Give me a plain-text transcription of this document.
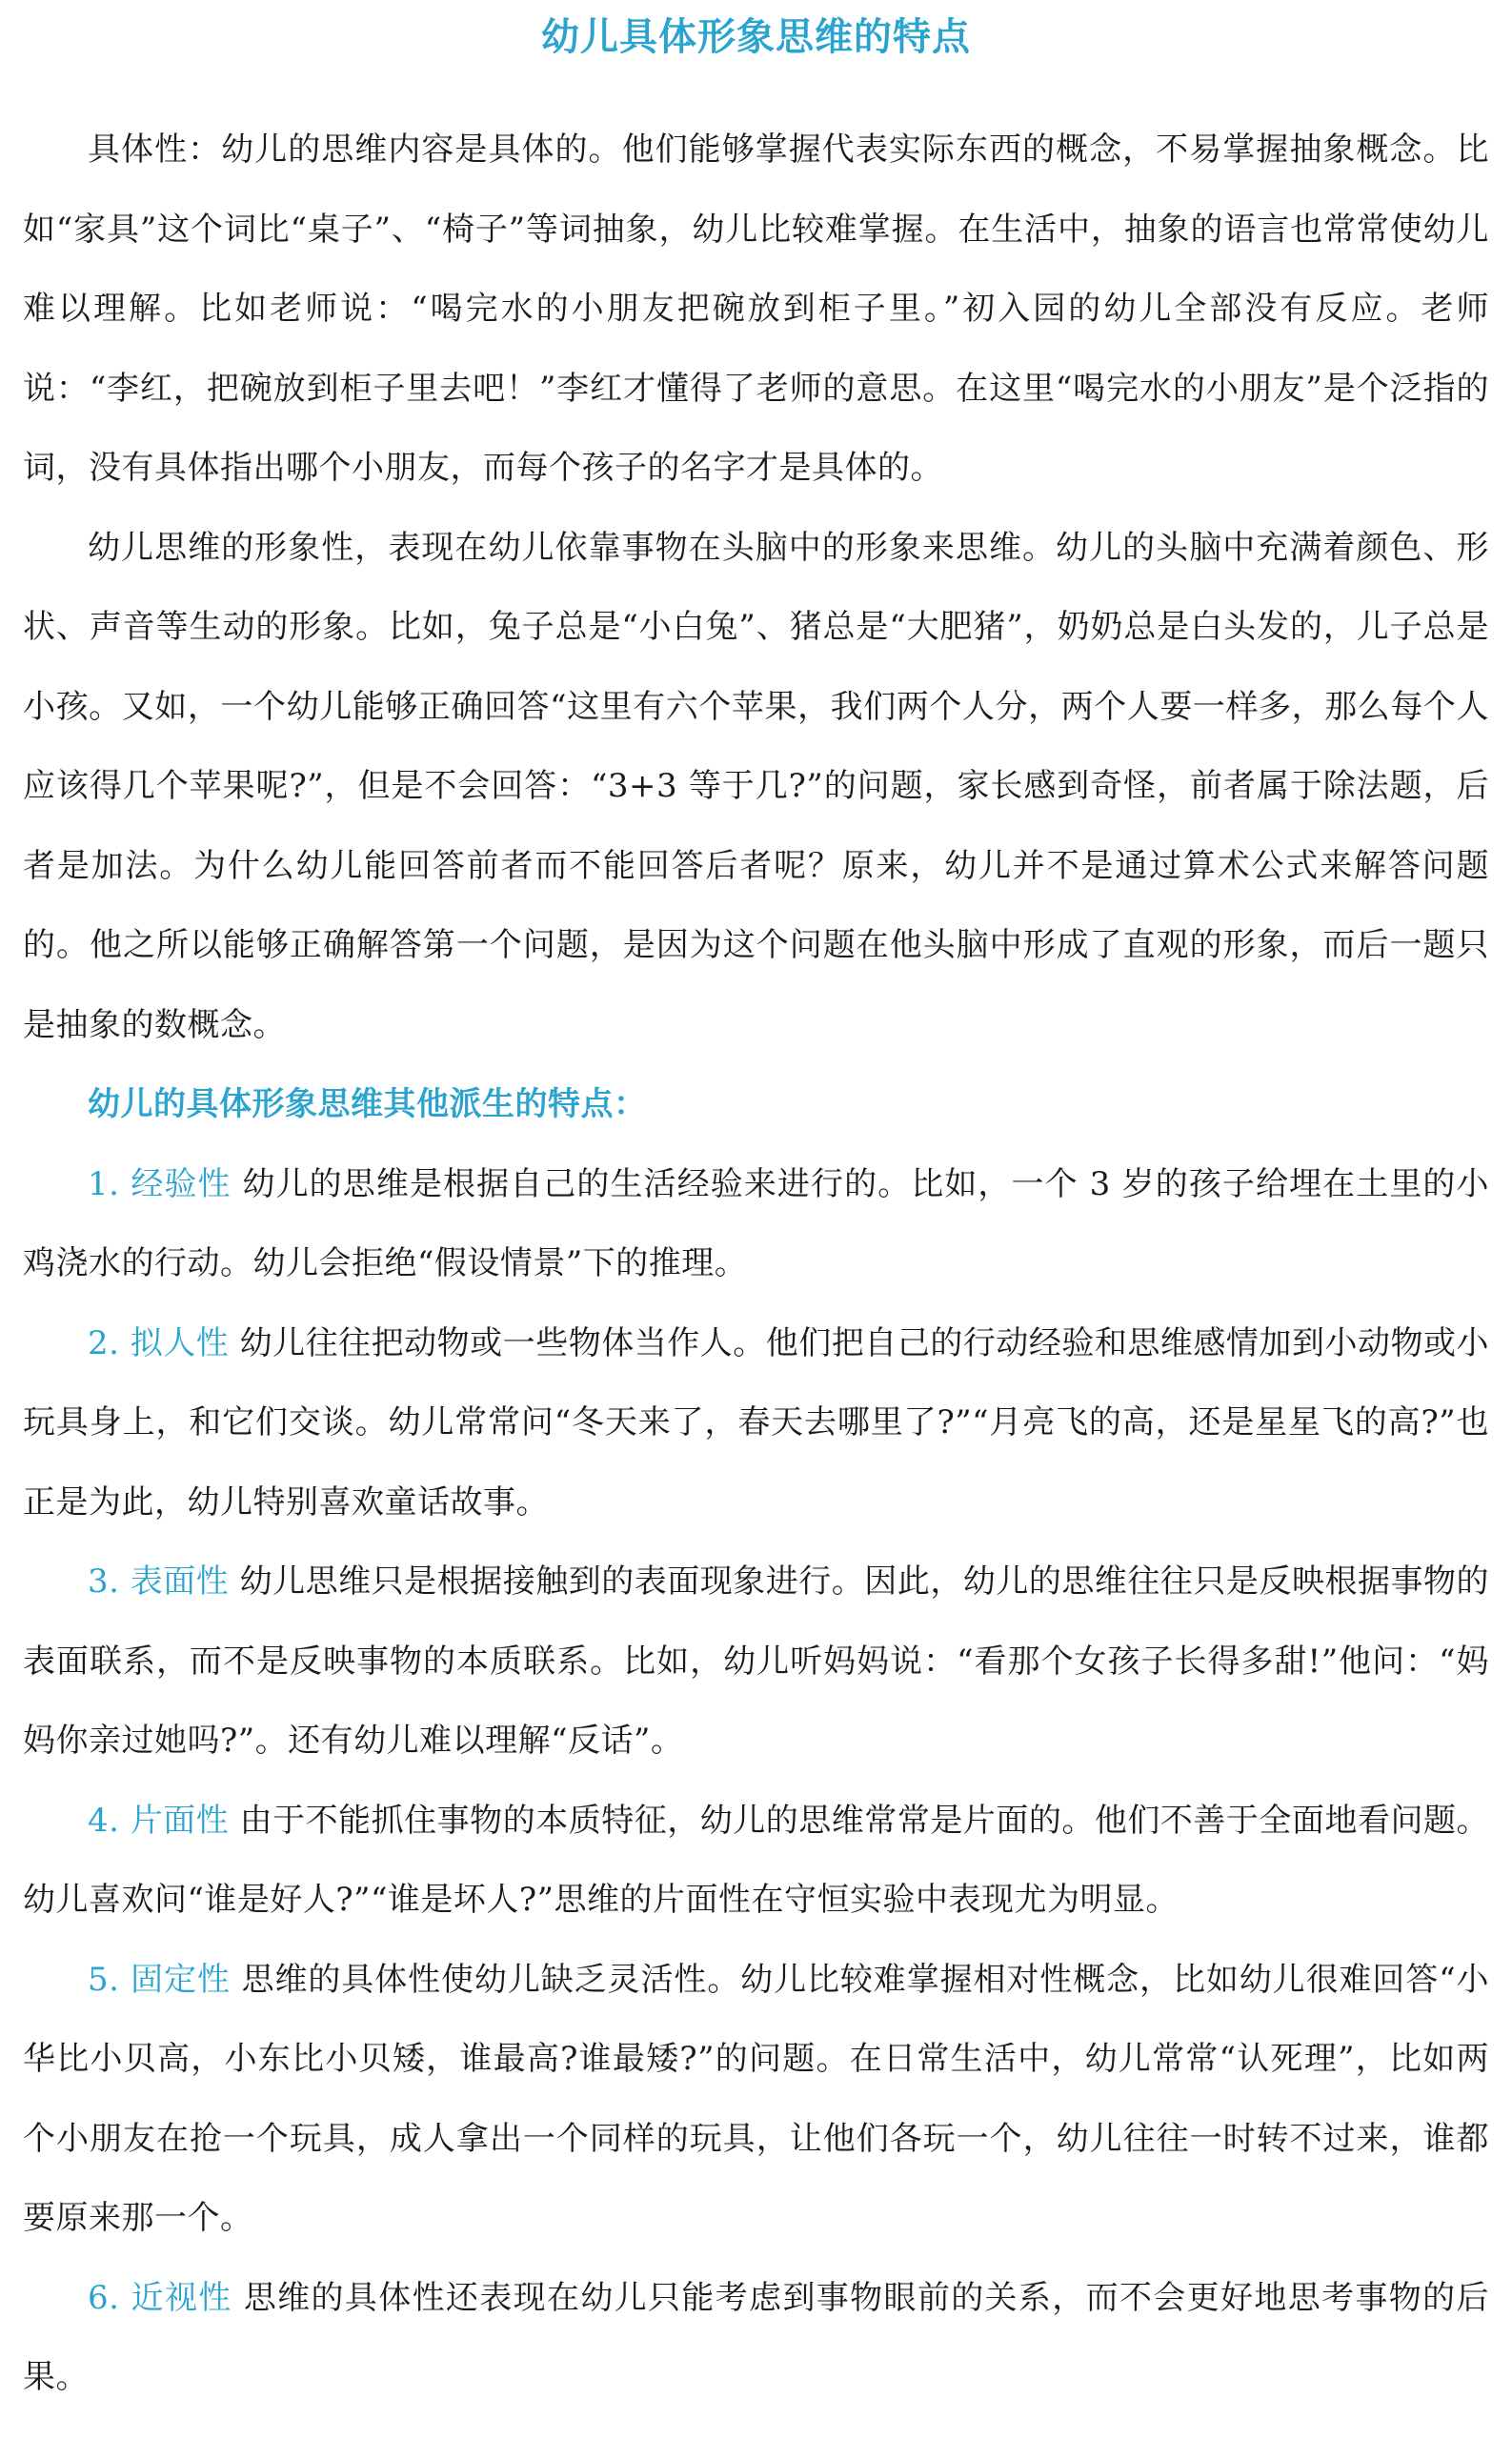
幼儿具体形象思维的特点

具体性：幼儿的思维内容是具体的。他们能够掌握代表实际东西的概念，不易掌握抽象概念。比如“家具”这个词比“桌子”、“椅子”等词抽象，幼儿比较难掌握。在生活中，抽象的语言也常常使幼儿难以理解。比如老师说：“喝完水的小朋友把碗放到柜子里。”初入园的幼儿全部没有反应。老师说：“李红，把碗放到柜子里去吧！”李红才懂得了老师的意思。在这里“喝完水的小朋友”是个泛指的词，没有具体指出哪个小朋友，而每个孩子的名字才是具体的。

幼儿思维的形象性，表现在幼儿依靠事物在头脑中的形象来思维。幼儿的头脑中充满着颜色、形状、声音等生动的形象。比如，兔子总是“小白兔”、猪总是“大肥猪”，奶奶总是白头发的，儿子总是小孩。又如，一个幼儿能够正确回答“这里有六个苹果，我们两个人分，两个人要一样多，那么每个人应该得几个苹果呢?”，但是不会回答：“3+3 等于几?”的问题，家长感到奇怪，前者属于除法题，后者是加法。为什么幼儿能回答前者而不能回答后者呢？原来，幼儿并不是通过算术公式来解答问题的。他之所以能够正确解答第一个问题，是因为这个问题在他头脑中形成了直观的形象，而后一题只是抽象的数概念。

幼儿的具体形象思维其他派生的特点：

1. 经验性 幼儿的思维是根据自己的生活经验来进行的。比如，一个 3 岁的孩子给埋在土里的小鸡浇水的行动。幼儿会拒绝“假设情景”下的推理。

2. 拟人性 幼儿往往把动物或一些物体当作人。他们把自己的行动经验和思维感情加到小动物或小玩具身上，和它们交谈。幼儿常常问“冬天来了，春天去哪里了?”“月亮飞的高，还是星星飞的高?”也正是为此，幼儿特别喜欢童话故事。

3. 表面性 幼儿思维只是根据接触到的表面现象进行。因此，幼儿的思维往往只是反映根据事物的表面联系，而不是反映事物的本质联系。比如，幼儿听妈妈说：“看那个女孩子长得多甜!”他问：“妈妈你亲过她吗?”。还有幼儿难以理解“反话”。

4. 片面性 由于不能抓住事物的本质特征，幼儿的思维常常是片面的。他们不善于全面地看问题。幼儿喜欢问“谁是好人?”“谁是坏人?”思维的片面性在守恒实验中表现尤为明显。

5. 固定性 思维的具体性使幼儿缺乏灵活性。幼儿比较难掌握相对性概念，比如幼儿很难回答“小华比小贝高，小东比小贝矮，谁最高?谁最矮?”的问题。在日常生活中，幼儿常常“认死理”，比如两个小朋友在抢一个玩具，成人拿出一个同样的玩具，让他们各玩一个，幼儿往往一时转不过来，谁都要原来那一个。

6. 近视性 思维的具体性还表现在幼儿只能考虑到事物眼前的关系，而不会更好地思考事物的后果。
